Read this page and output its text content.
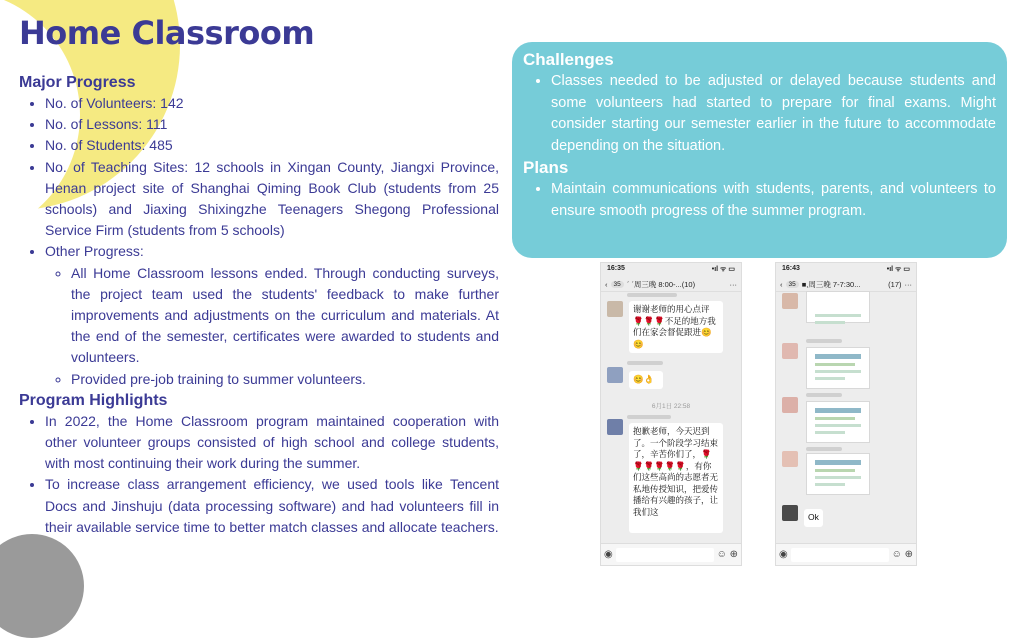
Home Classroom
Major Progress
• No. of Volunteers: 142
• No. of Lessons: 111
• No. of Students: 485
• No. of Teaching Sites: 12 schools in Xingan County, Jiangxi Province, Henan project site of Shanghai Qiming Book Club (students from 25 schools) and Jiaxing Shixingzhe Teenagers Shegong Professional Service Firm (students from 5 schools)
• Other Progress:
◦ All Home Classroom lessons ended. Through conducting surveys, the project team used the students' feedback to make further improvements and adjustments on the curriculum and materials. At the end of the semester, certificates were awarded to students and volunteers.
◦ Provided pre-job training to summer volunteers.
Program Highlights
• In 2022, the Home Classroom program maintained cooperation with other volunteer groups consisted of high school and college students, with most continuing their work during the summer.
• To increase class arrangement efficiency, we used tools like Tencent Docs and Jinshuju (data processing software) and had volunteers fill in their available service time to better match classes and allocate teachers.
Challenges
• Classes needed to be adjusted or delayed because students and some volunteers had started to prepare for final exams. Might consider starting our semester earlier in the future to accommodate depending on the situation.
Plans
• Maintain communications with students, parents, and volunteers to ensure smooth progress of the summer program.
16:35	•ıl ᯤ ▭
‹ 35 ˊ ˊ周三晚 8:00-...(10)	···
谢谢老师的用心点评🌹🌹🌹不足的地方我们在家会督促跟进😊😊
😊👌
6月1日 22:58
抱歉老师，今天迟到了。一个阶段学习结束了，辛苦你们了，🌹🌹🌹🌹🌹🌹，有你们这些高尚的志愿者无私地传授知识，把爱传播给有兴趣的孩子，让我们这
◉	☺ ⊕
16:43	•ıl ᯤ ▭
‹ 35 ■,周三晚 7-7:30...	(17) ···
Ok
◉	☺ ⊕
